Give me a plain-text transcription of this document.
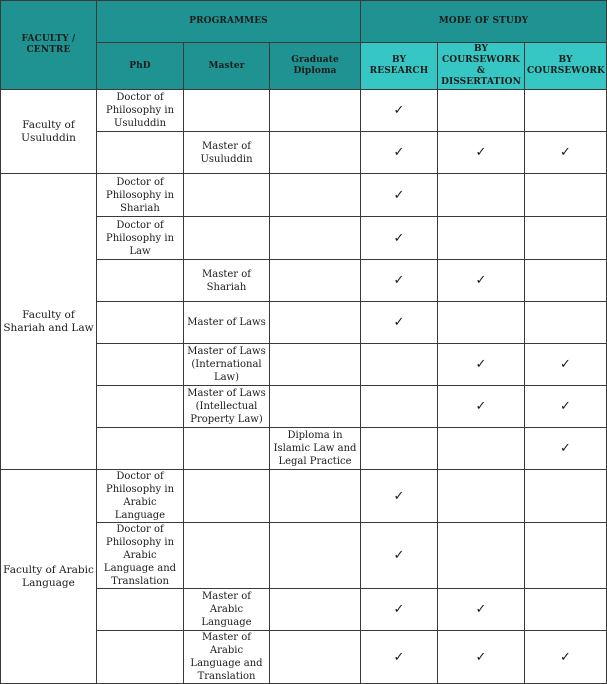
FACULTY / CENTRE	PROGRAMMES			MODE OF STUDY		
	PhD	Master	Graduate Diploma	BY RESEARCH	BY COURSEWORK & DISSERTATION	BY COURSEWORK
Faculty of Usuluddin	Doctor of Philosophy in Usuluddin			✓		
		Master of Usuluddin		✓	✓	✓
Faculty of Shariah and Law	Doctor of Philosophy in Shariah			✓		
	Doctor of Philosophy in Law			✓		
		Master of Shariah		✓	✓	
		Master of Laws		✓		
		Master of Laws (International Law)			✓	✓
		Master of Laws (Intellectual Property Law)			✓	✓
			Diploma in Islamic Law and Legal Practice			✓
Faculty of Arabic Language	Doctor of Philosophy in Arabic Language			✓		
	Doctor of Philosophy in Arabic Language and Translation			✓		
		Master of Arabic Language		✓	✓	
		Master of Arabic Language and Translation		✓	✓	✓
